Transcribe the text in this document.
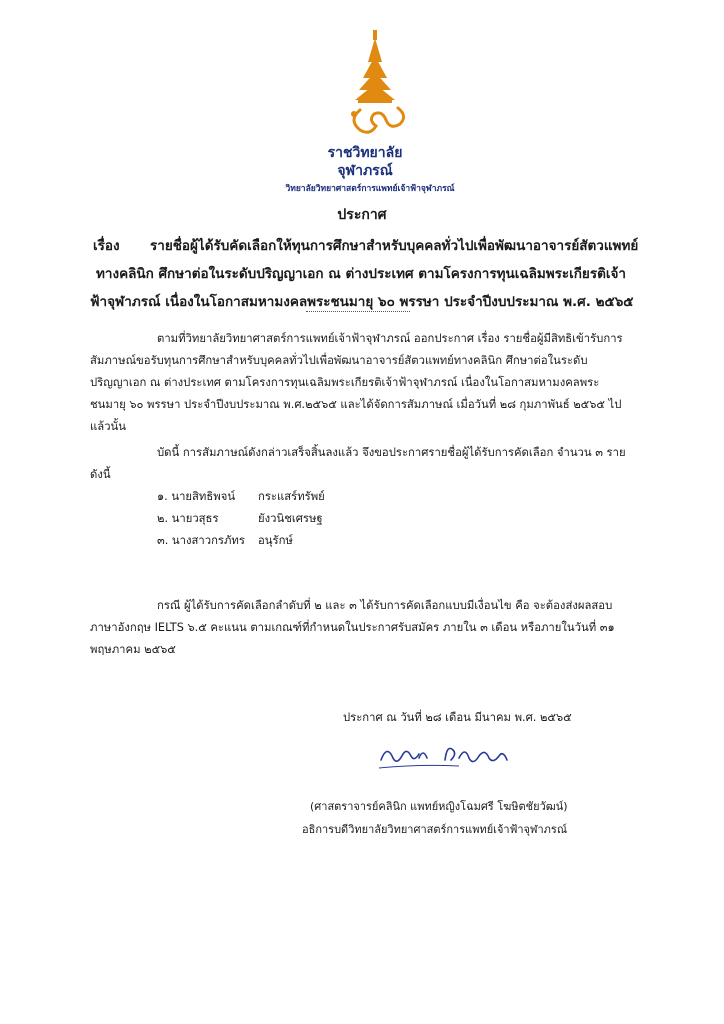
ราชวิทยาลัย
จุฬาภรณ์
วิทยาลัยวิทยาศาสตร์การแพทย์เจ้าฟ้าจุฬาภรณ์
ประกาศ
เรื่อง รายชื่อผู้ได้รับคัดเลือกให้ทุนการศึกษาสำหรับบุคคลทั่วไปเพื่อพัฒนาอาจารย์สัตวแพทย์
ทางคลินิก ศึกษาต่อในระดับปริญญาเอก ณ ต่างประเทศ ตามโครงการทุนเฉลิมพระเกียรติเจ้า
ฟ้าจุฬาภรณ์ เนื่องในโอกาสมหามงคลพระชนมายุ ๖๐ พรรษา ประจำปีงบประมาณ พ.ศ. ๒๕๖๕
ตามที่วิทยาลัยวิทยาศาสตร์การแพทย์เจ้าฟ้าจุฬาภรณ์ ออกประกาศ เรื่อง รายชื่อผู้มีสิทธิเข้ารับการ
สัมภาษณ์ขอรับทุนการศึกษาสำหรับบุคคลทั่วไปเพื่อพัฒนาอาจารย์สัตวแพทย์ทางคลินิก ศึกษาต่อในระดับ
ปริญญาเอก ณ ต่างประเทศ ตามโครงการทุนเฉลิมพระเกียรติเจ้าฟ้าจุฬาภรณ์ เนื่องในโอกาสมหามงคลพระ
ชนมายุ ๖๐ พรรษา ประจำปีงบประมาณ พ.ศ.๒๕๖๕ และได้จัดการสัมภาษณ์ เมื่อวันที่ ๒๘ กุมภาพันธ์ ๒๕๖๕ ไป
แล้วนั้น
บัดนี้ การสัมภาษณ์ดังกล่าวเสร็จสิ้นลงแล้ว จึงขอประกาศรายชื่อผู้ได้รับการคัดเลือก จำนวน ๓ ราย
ดังนี้
๑. นายสิทธิพจน์ กระแสร์ทรัพย์
๒. นายวสุธร	ยังวนิชเศรษฐ
๓. นางสาวกรภัทร อนุรักษ์
กรณี ผู้ได้รับการคัดเลือกลำดับที่ ๒ และ ๓ ได้รับการคัดเลือกแบบมีเงื่อนไข คือ จะต้องส่งผลสอบ
ภาษาอังกฤษ IELTS ๖.๕ คะแนน ตามเกณฑ์ที่กำหนดในประกาศรับสมัคร ภายใน ๓ เดือน หรือภายในวันที่ ๓๑
พฤษภาคม ๒๕๖๕
ประกาศ ณ วันที่ ๒๘ เดือน มีนาคม พ.ศ. ๒๕๖๕
(ศาสตราจารย์คลินิก แพทย์หญิงโฉมศรี โฆษิตชัยวัฒน์)
อธิการบดีวิทยาลัยวิทยาศาสตร์การแพทย์เจ้าฟ้าจุฬาภรณ์
